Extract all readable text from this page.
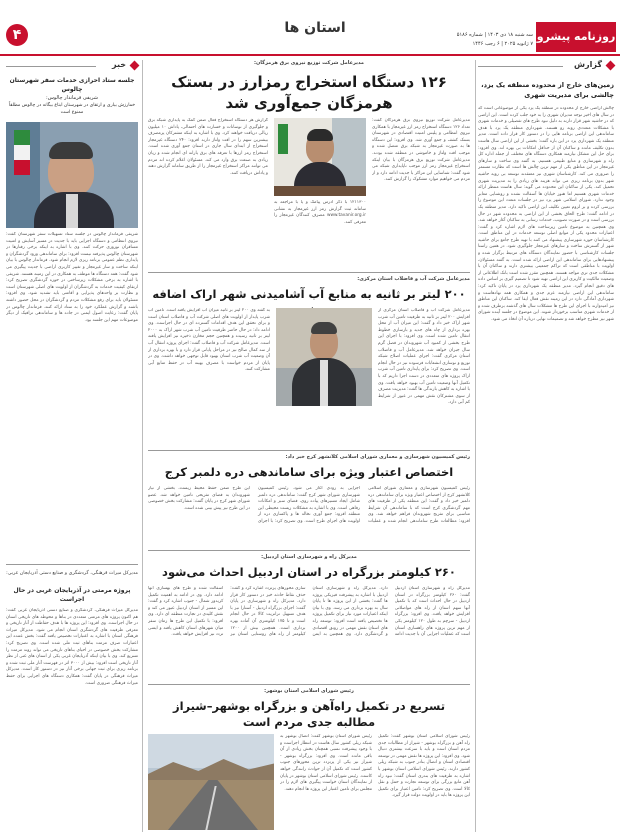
۴	استان ها	سه شنبه ۱۸ دی ۱۴۰۳ | شماره ۵۱۸۶
۷ ژانویه ۲۰۲۵ | ۶ رجب ۱۴۴۶
روزنامه پیشرو
گزارش
زمین‌های خارج از محدوده منطقه یک یزد، چالشی برای مدیریت شهری
چالش اراضی خارج از محدوده در منطقه یک یزد یکی از موضوعاتی است که در سال های اخیر توجه مدیران شهری را به خود جلب کرده است. این اراضی که در حاشیه شهر قرار دارند به دلیل نبود طرح های تفصیلی و خدمات شهری با مشکلات متعددی روبه رو هستند. شهرداری منطقه یک یزد با هدف ساماندهی این اراضی برنامه هایی را در دستور کار قرار داده است. مدیر منطقه یک شهرداری یزد در این باره گفت: بخشی از این اراضی سال هاست بدون تکلیف مانده و ساکنان آن از حداقل امکانات بی بهره اند. وی افزود: برای حل این مشکل نیازمند همکاری دستگاه های مختلف از جمله اداره کل راه و شهرسازی و منابع طبیعی هستیم. به گفته وی ساخت و سازهای غیرمجاز در این مناطق یکی از مهم ترین چالش ها است که نظارت مستمر را ضروری می کند. کارشناسان شهری نیز معتقدند توسعه بی رویه حاشیه شهر بدون برنامه ریزی می تواند هزینه های زیادی را به مدیریت شهری تحمیل کند. یکی از ساکنان این محدوده می گوید: سال هاست منتظر ارائه خدمات شهری هستیم اما هنوز خیابان ها آسفالت نشده و روشنایی معابر وجود ندارد. شورای اسلامی شهر یزد نیز در جلسات متعدد این موضوع را بررسی کرده و بر لزوم تعیین تکلیف این اراضی تاکید دارد. مدیر منطقه یک در ادامه گفت: طرح الحاق بخشی از این اراضی به محدوده شهر در حال بررسی است و در صورت تصویب، خدمات رسانی به ساکنان آغاز خواهد شد. وی همچنین به موضوع تامین زیرساخت های لازم اشاره کرد و گفت: اعتبارات محدود یکی از موانع اصلی توسعه خدمات در این مناطق است. کارشناسان حوزه شهرسازی پیشنهاد می کنند با تهیه طرح جامع برای حاشیه شهر از گسترش ساخت و سازهای غیرمجاز جلوگیری شود. در همین راستا جلسات کارشناسی با حضور نمایندگان دستگاه های مرتبط برگزار شده و پیشنهادهایی برای ساماندهی این اراضی ارائه شده است. به گفته مسئولان، اولویت با مناطقی است که تراکم جمعیتی بیشتری دارند و ساکنان آن با مشکلات جدی تری مواجه هستند. همچنین مقرر شده است بانک اطلاعاتی از وضعیت مالکیت و کاربری این اراضی تهیه شود تا تصمیم گیری بر اساس داده های دقیق انجام گیرد. مدیر منطقه یک شهرداری یزد در پایان تاکید کرد: ساماندهی این اراضی نیازمند عزم جدی و همکاری همه نهادهاست و شهرداری آمادگی دارد در این زمینه نقش فعال ایفا کند. ساکنان این مناطق نیز امیدوارند با اجرای این طرح ها مشکلات سال های گذشته برطرف شده و از خدمات شهری مناسب برخوردار شوند. این موضوع در جلسه آینده شورای شهر نیز مطرح خواهد شد و تصمیمات نهایی درباره آن اتخاذ می شود.
خبر
جلسه ستاد احرازی خدمات سفر شهرستان چالوس
شریفی فرماندار چالوس:
خمارزش بیاری و ارتقای در شهرستان ابتاع بیگانه در چالوس مطلقاً ممنوع است
شریفی فرماندار چالوس در جلسه ستاد تسهیلات سفر شهرستان گفت: نیروی انتظامی و دستگاه اجرایی باید با جدیت در مسیر آسایش و امنیت مسافران نوروزی حرکت کنند. وی با اشاره به اینکه برخی رفتارها در شهرستان چالوس پذیرفته نیست افزود: برای ساماندهی ورود گردشگران و پایداری نظم عمومی برنامه ریزی لازم انجام شود. فرماندار چالوس با بیان اینکه ساخت و ساز غیرمجاز و تغییر کاربری اراضی با جدیت پیگیری می شود گفت: همه دستگاه ها موظف به همکاری در این زمینه هستند. شریفی با اشاره به برخی مشکلات زیرساختی در حوزه گردشگری تصریح کرد: ارتقای کیفیت خدمات به گردشگران از اولویت های اصلی شهرستان است و نظارت بر واحدهای پذیرایی و اقامتی باید تشدید شود. وی افزود: مسئولان باید برای رفع مشکلات مردم و گردشگران در محل حضور داشته باشند و گزارش عملکرد خود را به ستاد ارائه کنند. فرماندار چالوس در پایان گفت: رعایت اصول ایمنی در جاده ها و ساماندهی ترافیک از دیگر موضوعات مهم این جلسه بود.
مدیرکل میراث فرهنگی، گردشگری و صنایع دستی آذربایجان غربی:
پروژه مرمتی در آذربایجان غربی در حال اجراست
مدیرکل میراث فرهنگی، گردشگری و صنایع دستی آذربایجان غربی گفت: هم اکنون پروژه های مرمتی متعددی در بناها و محوطه های تاریخی استان در حال اجراست. وی افزود: این پروژه ها با هدف حفاظت از آثار تاریخی و معرفی ظرفیت های گردشگری استان انجام می شود. مدیرکل میراث فرهنگی استان با اشاره به اعتبارات تخصیص یافته گفت: بخش عمده این اعتبارات صرف مرمت بناهای ثبت ملی شده است. وی تصریح کرد: مشارکت بخش خصوصی در احیای بناهای تاریخی می تواند روند مرمت را تسریع کند. وی با بیان اینکه آذربایجان غربی یکی از استان های غنی از نظر آثار تاریخی است افزود: بیش از ۳۰۰۰ اثر در فهرست آثار ملی ثبت شده و برنامه ریزی برای ثبت جهانی برخی آثار نیز در دستور کار است. مدیرکل میراث فرهنگی در پایان گفت: همکاری دستگاه های اجرایی برای حفظ میراث فرهنگی ضروری است.
مدیرعامل شرکت توزیع نیروی برق هرمزگان:
۱۲۶ دستگاه استخراج رمزارز در بستک هرمزگان جمع‌آوری شد
مدیرعامل شرکت توزیع نیروی برق هرمزگان گفت: تعداد ۱۲۶ دستگاه استخراج رمز ارز غیرمجاز با همکاری نیروی انتظامی و پلیس امنیت اقتصادی در شهرستان بستک کشف و جمع آوری شد. وی افزود: این دستگاه ها به صورت غیرمجاز به شبکه برق متصل شده و موجب افت ولتاژ و خاموشی در منطقه شده بودند. مدیرعامل شرکت توزیع برق هرمزگان با بیان اینکه استخراج غیرمجاز رمز ارز موجب ناپایداری شبکه می شود گفت: شناسایی این مراکز با جدیت ادامه دارد و از مردم می خواهیم موارد مشکوک را گزارش کنند.
۱۲۱۱۳۰۰ با ذکر آدرس پیامک و یا با مراجعه به سامانه ثبت گزارش رمز ارز غیرمجاز به نشانی www.tavanir.org.ir مصرف کنندگان غیرمجاز را معرفی کنند.
گزارش هر دستگاه استخراج فعال ضمن کمک به پایداری شبکه برق و جلوگیری از نوسانات و خسارت های احتمالی، پاداش ۱۰ میلیون ریالی دریافت خواهند کرد. وی با اشاره به اینکه مشترکان پرمصرف بیشترین سهم را در افت ولتاژ دارند افزود: ۲۴۰ دستگاه غیرمجاز استخراج از ابتدای سال جاری در استان جمع آوری شده است. استخراج رمز ارزها با تعرفه های برق یارانه ای انجام شده و زیان زیادی به صنعت برق وارد می کند. مسئولان اعلام کرده اند مردم می توانند مراکز استخراج غیرمجاز را از طریق سامانه گزارش دهند و پاداش دریافت کنند.
مدیرعامل شرکت آب و فاضلاب استان مرکزی:
۲۰۰ لیتر بر ثانیه به منابع آب آشامیدنی شهر اراک اضافه
مدیرعامل شرکت آب و فاضلاب استان مرکزی از افزایش ۲۰۰ لیتر بر ثانیه به ظرفیت تامین آب شرب شهر اراک خبر داد و گفت: این میزان آب از محل بهره برداری از چاه های جدید و بازسازی خطوط انتقال تامین شده است. وی افزود: با اجرای این طرح بخشی از کمبود آب شهروندان در فصل گرم سال جبران خواهد شد. مدیرعامل آب و فاضلاب استان مرکزی گفت: اجرای عملیات اصلاح شبکه توزیع و نوسازی انشعابات فرسوده نیز در حال انجام است. وی تصریح کرد: برای پایداری تامین آب شرب اراک پروژه های متعددی در دست اجرا داریم که با تکمیل آنها وضعیت تامین آب بهبود خواهد یافت. وی با اشاره به کاهش بارندگی ها گفت: مدیریت مصرف از سوی مشترکان نقش مهمی در عبور از شرایط کم آبی دارد.
به گفته وی ۲۰۰ لیتر بر ثانیه میزان آب افزایش یافته است. تامین آب شرب پایدار از اولویت های اصلی شرکت آب و فاضلاب استان است و برای تحقق این هدف اقدامات گسترده ای در حال اجراست. وی ادامه داد: در حال حاضر ظرفیت تامین آب شرب شهر اراک به ۲۰۰۰ لیتر بر ثانیه رسیده و همچنین حجم مخازن ذخیره نیز افزایش یافته است. مدیرعامل شرکت آب و فاضلاب گفت: اجرای پروژه انتقال آب از سد کمال صالح نیز در مراحل پایانی قرار دارد و با بهره برداری از آن وضعیت آب شرب استان بهبود قابل توجهی خواهد داشت. وی در پایان از مردم خواست با مصرف بهینه آب در حفظ منابع آبی مشارکت کنند.
رئیس کمیسیون شهرسازی و معماری شورای اسلامی کلانشهر کرج خبر داد:
اختصاص اعتبار ویژه برای ساماندهی دره دلمبر کرج
رئیس کمیسیون شهرسازی و معماری شورای اسلامی کلانشهر کرج از اختصاص اعتبار ویژه برای ساماندهی دره دلمبر خبر داد و گفت: این منطقه یکی از ظرفیت های مهم گردشگری کرج است که با ساماندهی آن شرایط مناسبی برای تفریح شهروندان فراهم خواهد شد. وی افزود: مطالعات طرح ساماندهی انجام شده و عملیات اجرایی به زودی آغاز می شود. رئیس کمیسیون شهرسازی شورای شهر کرج گفت: ساماندهی دره دلمبر شامل ایجاد مسیرهای پیاده روی، فضای سبز و امکانات رفاهی است. وی با اشاره به مشکلات زیست محیطی این منطقه افزود: جمع آوری نخاله ها و پاکسازی دره از اولویت های اجرای طرح است. وی تصریح کرد: با اجرای این طرح ضمن حفظ محیط زیست، بخشی از نیاز شهروندان به فضای تفریحی تامین خواهد شد. عضو شورای شهر کرج در پایان گفت: مشارکت بخش خصوصی در این طرح نیز پیش بینی شده است.
مدیرکل راه و شهرسازی استان اردبیل:
۲۶۰ کیلومتر بزرگراه در استان اردبیل احداث می‌شود
مدیرکل راه و شهرسازی استان اردبیل گفت: ۲۶۰ کیلومتر بزرگراه در استان اردبیل در حال احداث است که با تکمیل آنها سهم استان از راه های مواصلاتی افزایش خواهد یافت. وی افزود: بزرگراه اردبیل - سرچم به طول ۱۲۰ کیلومتر یکی از مهم ترین پروژه های راهسازی استان است که عملیات اجرایی آن با جدیت ادامه دارد. مدیرکل راه و شهرسازی استان اردبیل با اشاره به پیشرفت فیزیکی پروژه ها گفت: بخشی از این پروژه ها تا پایان سال به بهره برداری می رسد. وی با بیان اینکه اعتبارات مورد نیاز برای تکمیل پروژه ها تخصیص یافته است افزود: توسعه راه های استان نقش مهمی در رونق اقتصادی و گردشگری دارد. وی همچنین به ایمن سازی محورهای پرتردد اشاره کرد و گفت: حذف نقاط حادثه خیز در دستور کار قرار دارد. مدیرکل راه و شهرسازی در پایان گفت: اجرای بزرگراه اردبیل - آستارا نیز با هدف تسهیل ترانزیت کالا در حال انجام است و تا ۱۷۵ کیلومتری آن آماده بهره برداری است. همچنین بیش از ۱۲۰۰ کیلومتر از راه های روستایی استان نیز آسفالت شده و طرح های بهسازی آنها ادامه دارد. وی در ادامه به اهمیت تکمیل کریدور شمال - جنوب اشاره کرد و گفت: این مسیر از استان اردبیل عبور می کند و نقش کلیدی در تجارت منطقه ای دارد. وی افزود: با تکمیل این طرح ها زمان سفر میان شهرهای استان کاهش یافته و ایمنی تردد نیز افزایش خواهد یافت.
رئیس شورای اسلامی استان بوشهر:
تسریع در تکمیل راه‌آهن و بزرگراه بوشهر–شیراز مطالبه جدی مردم است
رئیس شورای اسلامی استان بوشهر گفت: تکمیل راه آهن و بزرگراه بوشهر - شیراز از مطالبات جدی مردم استان است و باید با سرعت بیشتری دنبال شود. وی افزود: این پروژه ها نقش مهمی در توسعه اقتصادی استان و اتصال بنادر جنوب به شبکه ریلی کشور دارند. رئیس شورای اسلامی استان بوشهر با اشاره به ظرفیت های بندری استان گفت: نبود راه آهن مانع بزرگی برای توسعه تجارت و حمل و نقل کالا است. وی تصریح کرد: تامین اعتبار برای تکمیل این پروژه ها باید در اولویت دولت قرار گیرد.
رئیس شورای استان بوشهر گفت: اتصال بوشهر به شبکه ریلی کشور سال هاست در انتظار اجراست و با وجود پیشرفت نسبی همچنان بخش زیادی از آن باقی مانده است. وی افزود: بزرگراه بوشهر - شیراز نیز یکی از پرتردد ترین محورهای جنوب کشور است که تکمیل آن از حوادث رانندگی خواهد کاست. رئیس شورای اسلامی استان بوشهر در پایان از نمایندگان استان خواست پیگیری های لازم را در مجلس برای تامین اعتبار این پروژه ها انجام دهند.
